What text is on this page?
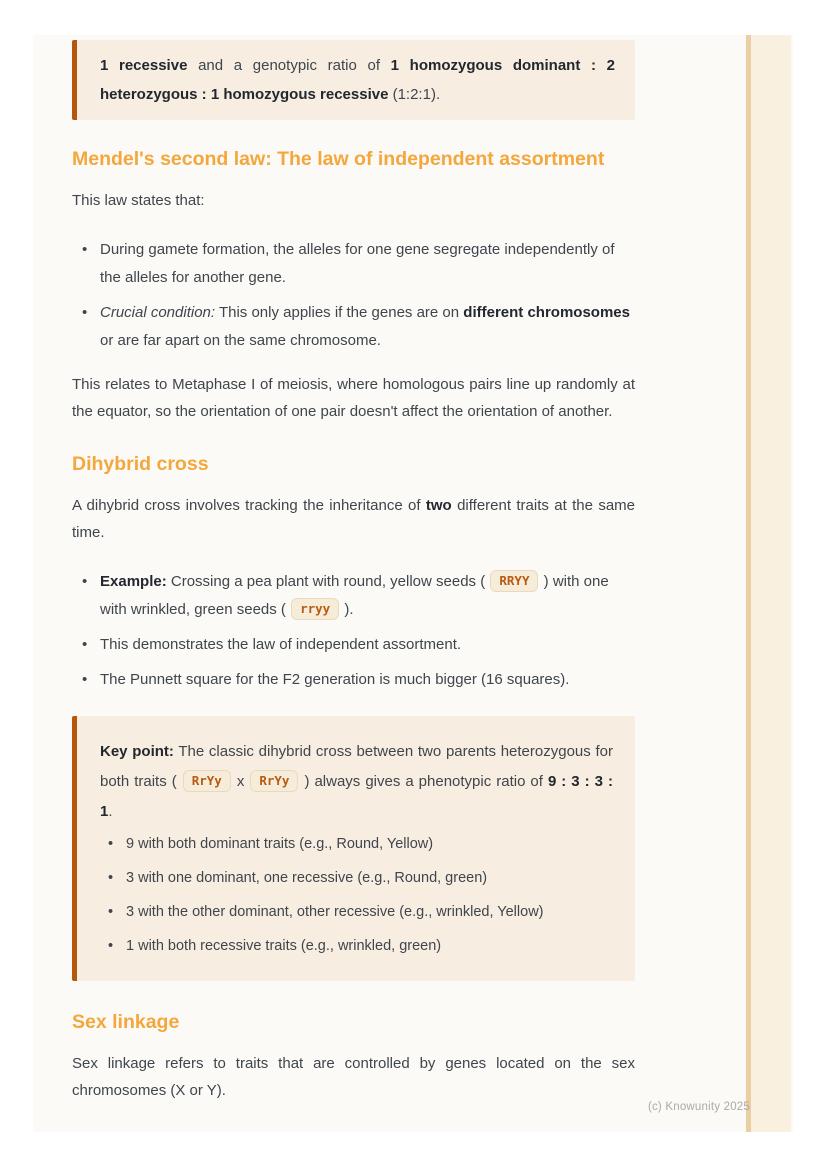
1 recessive and a genotypic ratio of 1 homozygous dominant : 2 heterozygous : 1 homozygous recessive (1:2:1).

Mendel's second law: The law of independent assortment

This law states that:

• During gamete formation, the alleles for one gene segregate independently of the alleles for another gene.
• Crucial condition: This only applies if the genes are on different chromosomes or are far apart on the same chromosome.

This relates to Metaphase I of meiosis, where homologous pairs line up randomly at the equator, so the orientation of one pair doesn't affect the orientation of another.

Dihybrid cross

A dihybrid cross involves tracking the inheritance of two different traits at the same time.

• Example: Crossing a pea plant with round, yellow seeds ( RRYY ) with one with wrinkled, green seeds ( rryy ).
• This demonstrates the law of independent assortment.
• The Punnett square for the F2 generation is much bigger (16 squares).

Key point: The classic dihybrid cross between two parents heterozygous for both traits ( RrYy x RrYy ) always gives a phenotypic ratio of 9 : 3 : 3 : 1.

• 9 with both dominant traits (e.g., Round, Yellow)
• 3 with one dominant, one recessive (e.g., Round, green)
• 3 with the other dominant, other recessive (e.g., wrinkled, Yellow)
• 1 with both recessive traits (e.g., wrinkled, green)
Sex linkage

Sex linkage refers to traits that are controlled by genes located on the sex chromosomes (X or Y).

(c) Knowunity 2025
